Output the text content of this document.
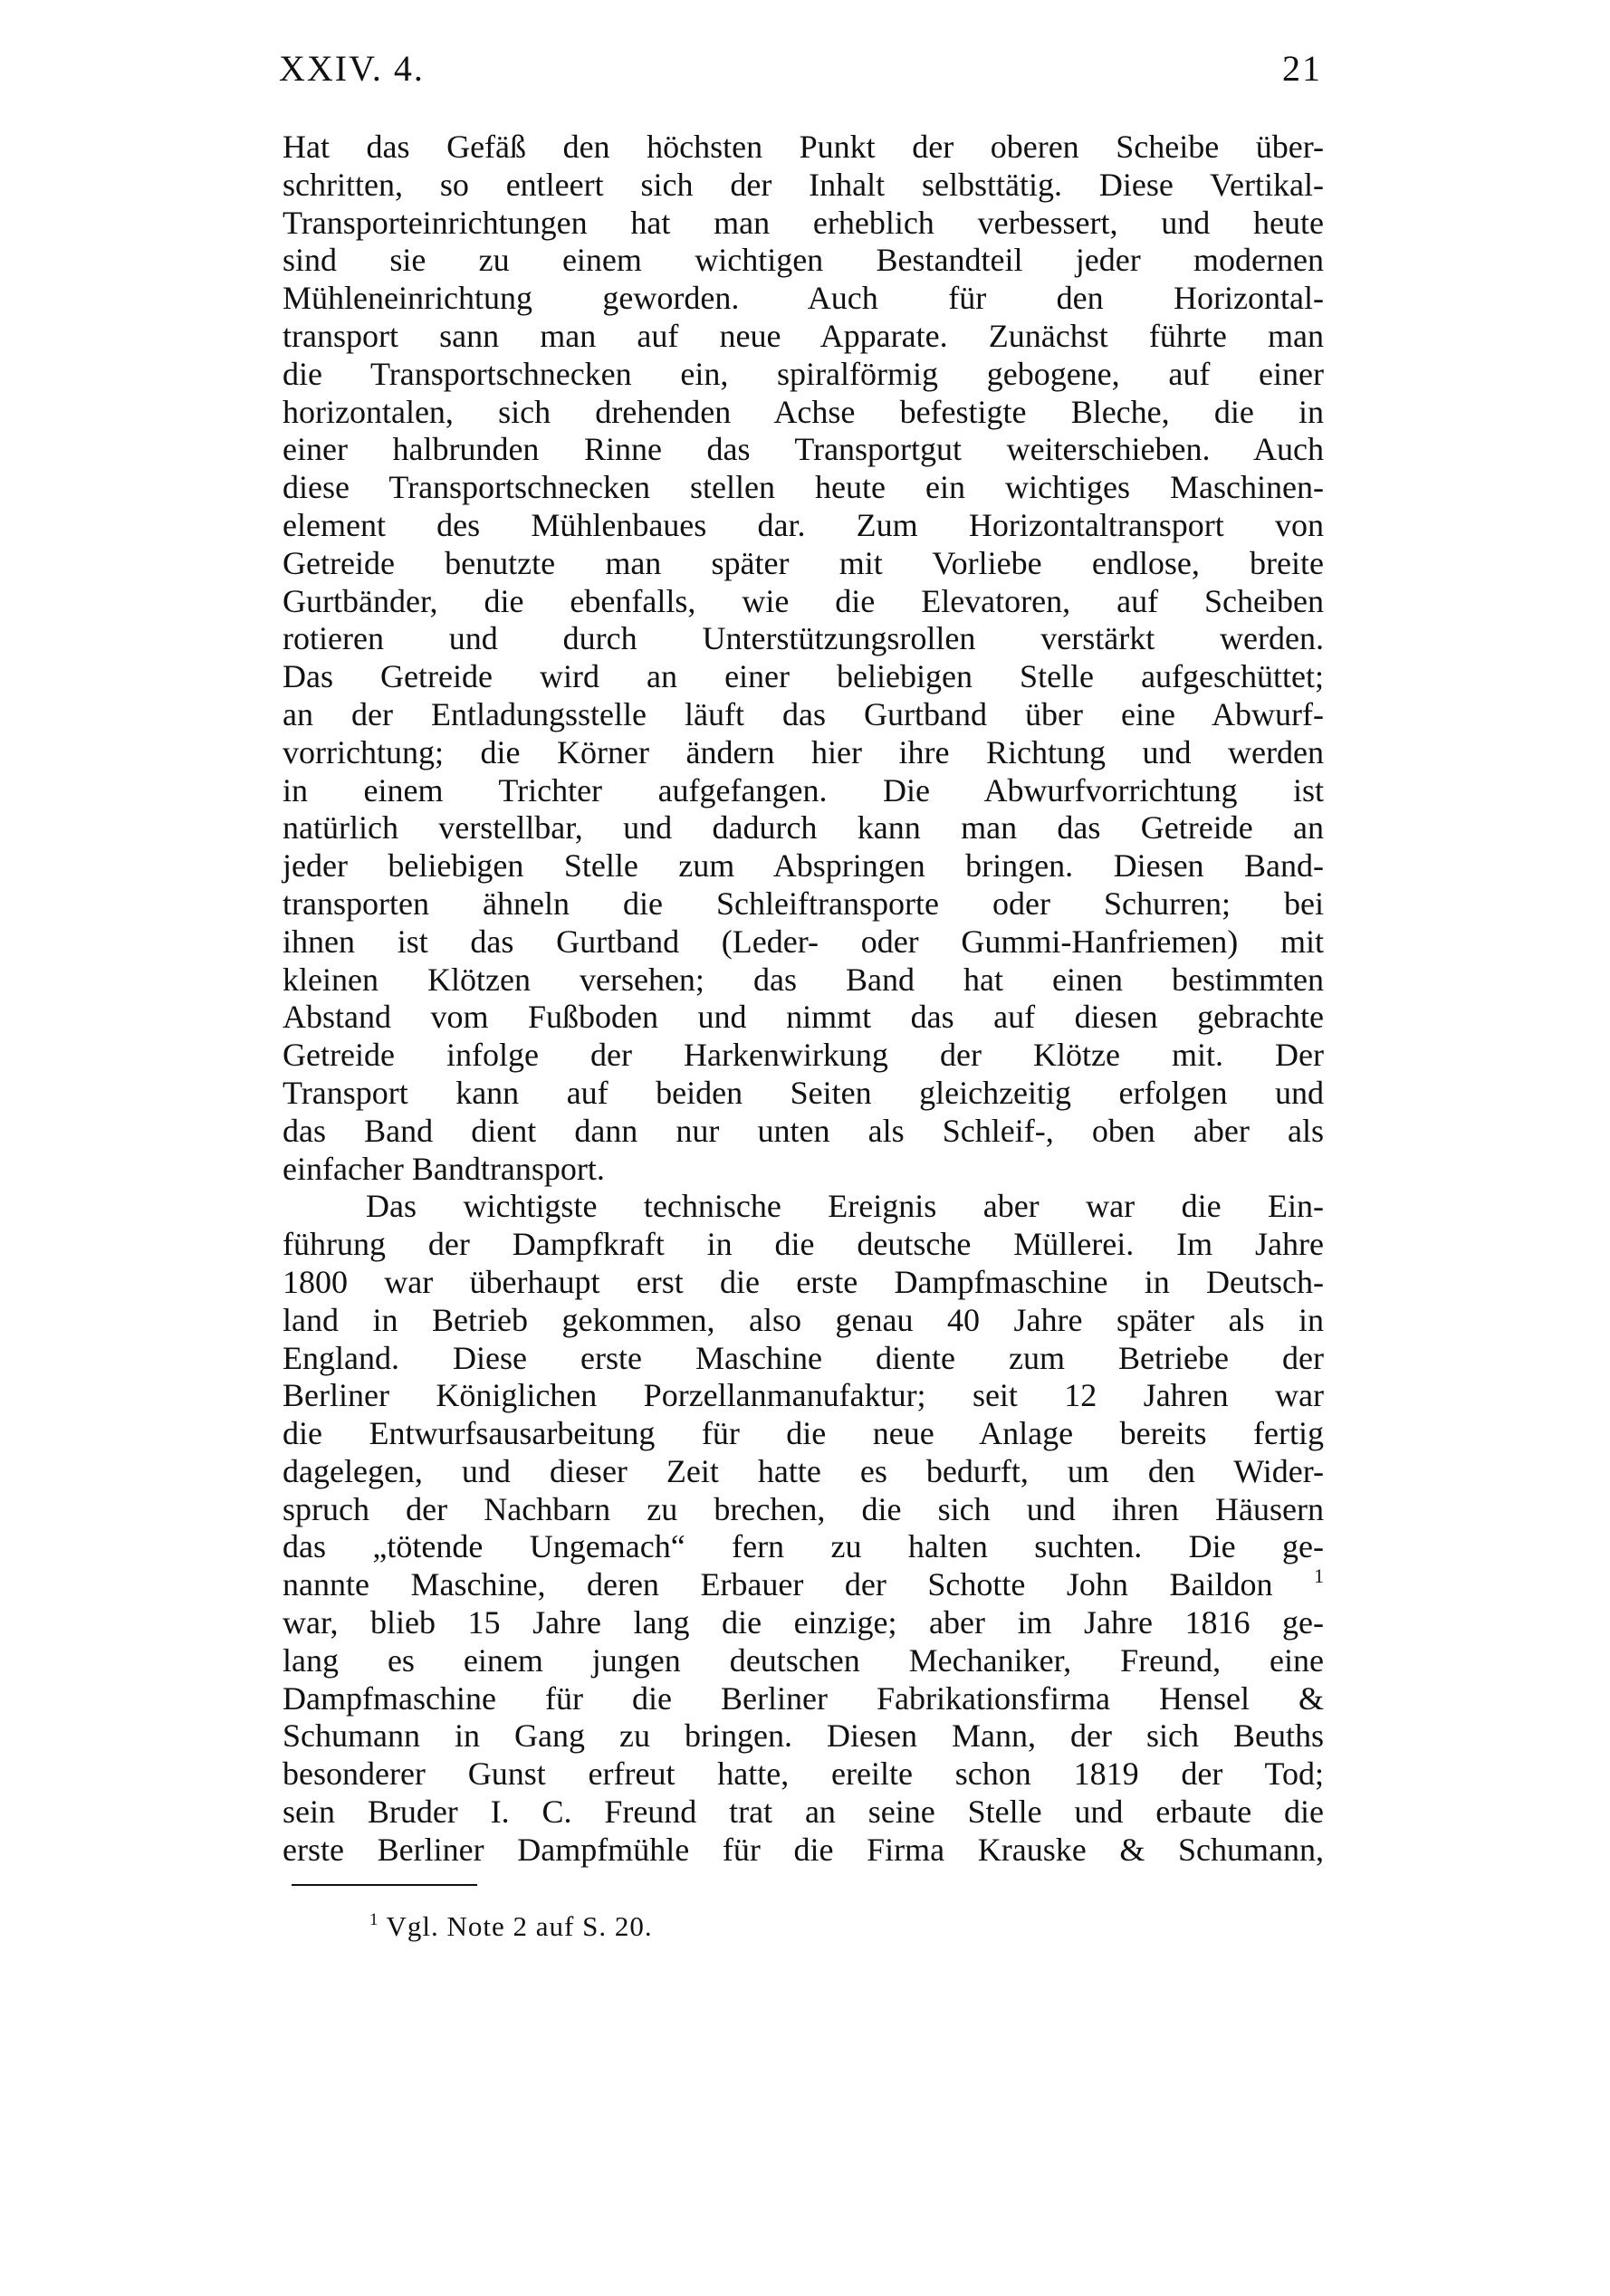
XXIV. 4.	21
Hat das Gefäß den höchsten Punkt der oberen Scheibe über-
schritten, so entleert sich der Inhalt selbsttätig. Diese Vertikal-
Transporteinrichtungen hat man erheblich verbessert, und heute
sind sie zu einem wichtigen Bestandteil jeder modernen
Mühleneinrichtung geworden. Auch für den Horizontal-
transport sann man auf neue Apparate. Zunächst führte man
die Transportschnecken ein, spiralförmig gebogene, auf einer
horizontalen, sich drehenden Achse befestigte Bleche, die in
einer halbrunden Rinne das Transportgut weiterschieben. Auch
diese Transportschnecken stellen heute ein wichtiges Maschinen-
element des Mühlenbaues dar. Zum Horizontaltransport von
Getreide benutzte man später mit Vorliebe endlose, breite
Gurtbänder, die ebenfalls, wie die Elevatoren, auf Scheiben
rotieren und durch Unterstützungsrollen verstärkt werden.
Das Getreide wird an einer beliebigen Stelle aufgeschüttet;
an der Entladungsstelle läuft das Gurtband über eine Abwurf-
vorrichtung; die Körner ändern hier ihre Richtung und werden
in einem Trichter aufgefangen. Die Abwurfvorrichtung ist
natürlich verstellbar, und dadurch kann man das Getreide an
jeder beliebigen Stelle zum Abspringen bringen. Diesen Band-
transporten ähneln die Schleiftransporte oder Schurren; bei
ihnen ist das Gurtband (Leder- oder Gummi-Hanfriemen) mit
kleinen Klötzen versehen; das Band hat einen bestimmten
Abstand vom Fußboden und nimmt das auf diesen gebrachte
Getreide infolge der Harkenwirkung der Klötze mit. Der
Transport kann auf beiden Seiten gleichzeitig erfolgen und
das Band dient dann nur unten als Schleif-, oben aber als
einfacher Bandtransport.
Das wichtigste technische Ereignis aber war die Ein-
führung der Dampfkraft in die deutsche Müllerei. Im Jahre
1800 war überhaupt erst die erste Dampfmaschine in Deutsch-
land in Betrieb gekommen, also genau 40 Jahre später als in
England. Diese erste Maschine diente zum Betriebe der
Berliner Königlichen Porzellanmanufaktur; seit 12 Jahren war
die Entwurfsausarbeitung für die neue Anlage bereits fertig
dagelegen, und dieser Zeit hatte es bedurft, um den Wider-
spruch der Nachbarn zu brechen, die sich und ihren Häusern
das „tötende Ungemach“ fern zu halten suchten. Die ge-
nannte Maschine, deren Erbauer der Schotte John Baildon $^1$
war, blieb 15 Jahre lang die einzige; aber im Jahre 1816 ge-
lang es einem jungen deutschen Mechaniker, Freund, eine
Dampfmaschine für die Berliner Fabrikationsfirma Hensel &
Schumann in Gang zu bringen. Diesen Mann, der sich Beuths
besonderer Gunst erfreut hatte, ereilte schon 1819 der Tod;
sein Bruder I. C. Freund trat an seine Stelle und erbaute die
erste Berliner Dampfmühle für die Firma Krauske & Schumann,
$^1$ Vgl. Note 2 auf S. 20.
